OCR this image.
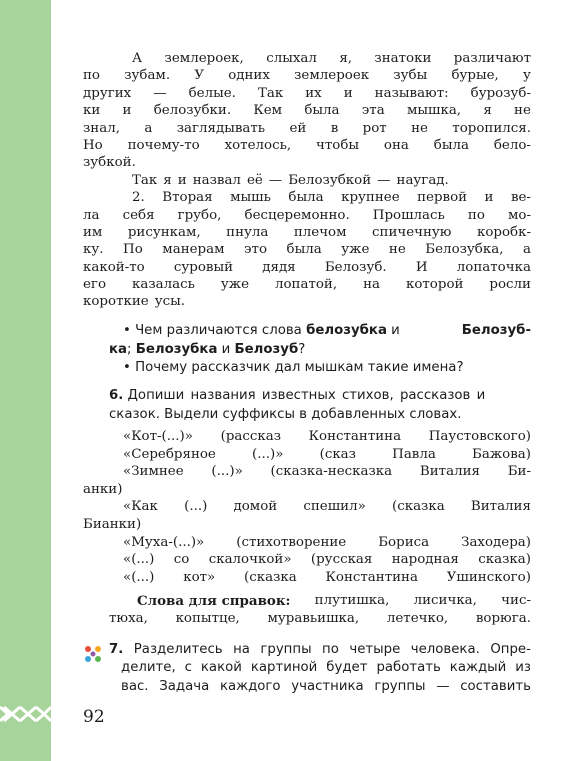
А землероек, слыхал я, знатоки различают
по зубам. У одних землероек зубы бурые, у
других — белые. Так их и называют: бурозуб-
ки и белозубки. Кем была эта мышка, я не
знал, а заглядывать ей в рот не торопился.
Но почему-то хотелось, чтобы она была бело-
зубкой.
Так я и назвал её — Белозубкой — наугад.
2. Вторая мышь была крупнее первой и ве-
ла себя грубо, бесцеремонно. Прошлась по мо-
им рисункам, пнула плечом спичечную коробк-
ку. По манерам это была уже не Белозубка, а
какой-то суровый дядя Белозуб. И лопаточка
его казалась уже лопатой, на которой росли
короткие усы.
• Чем различаются слова белозубка и	Белозуб-
ка; Белозубка и Белозуб?
• Почему рассказчик дал мышкам такие имена?
6. Допиши названия известных стихов, рассказов и
сказок. Выдели суффиксы в добавленных словах.
«Кот-(...)» (рассказ Константина Паустовского)
«Серебряное	(...)»	(сказ	Павла	Бажова)
«Зимнее (...)» (сказка-несказка Виталия Би-
анки)
«Как (...) домой спешил» (сказка Виталия
Бианки)
«Муха-(...)» (стихотворение Бориса Заходера)
«(...) со скалочкой» (русская народная сказка)
«(...) кот» (сказка Константина Ушинского)
Слова для справок: плутишка, лисичка, чис-
тюха, копытце, муравьишка, летечко, ворюга.
7. Разделитесь на группы по четыре человека. Опре-
делите, с какой картиной будет работать каждый из
вас. Задача каждого участника группы — составить
92
